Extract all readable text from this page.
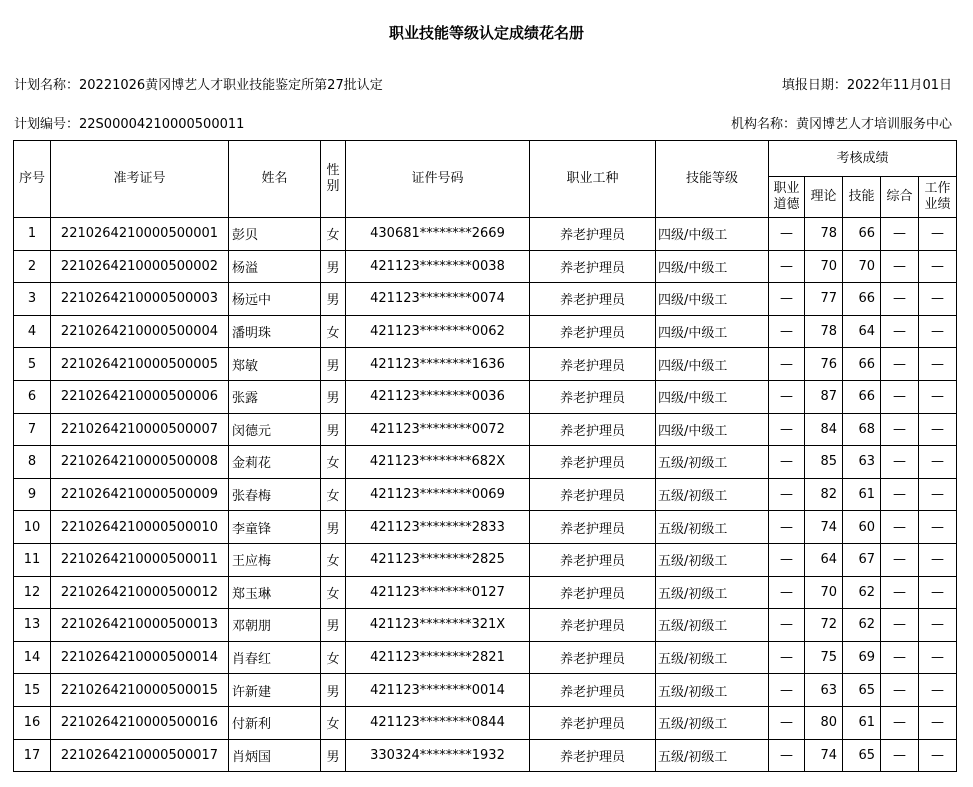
职业技能等级认定成绩花名册
计划名称：20221026黄冈博艺人才职业技能鉴定所第27批认定	填报日期：2022年11月01日
计划编号：22S00004210000500011	机构名称：黄冈博艺人才培训服务中心
序号	准考证号	姓名	性别	证件号码	职业工种	技能等级	考核成绩				
							职业道德	理论	技能	综合	工作业绩
1	2210264210000500001	彭贝	女	430681********2669	养老护理员	四级/中级工	—	78	66	—	—
2	2210264210000500002	杨溢	男	421123********0038	养老护理员	四级/中级工	—	70	70	—	—
3	2210264210000500003	杨远中	男	421123********0074	养老护理员	四级/中级工	—	77	66	—	—
4	2210264210000500004	潘明珠	女	421123********0062	养老护理员	四级/中级工	—	78	64	—	—
5	2210264210000500005	郑敏	男	421123********1636	养老护理员	四级/中级工	—	76	66	—	—
6	2210264210000500006	张露	男	421123********0036	养老护理员	四级/中级工	—	87	66	—	—
7	2210264210000500007	闵德元	男	421123********0072	养老护理员	四级/中级工	—	84	68	—	—
8	2210264210000500008	金莉花	女	421123********682X	养老护理员	五级/初级工	—	85	63	—	—
9	2210264210000500009	张春梅	女	421123********0069	养老护理员	五级/初级工	—	82	61	—	—
10	2210264210000500010	李童锋	男	421123********2833	养老护理员	五级/初级工	—	74	60	—	—
11	2210264210000500011	王应梅	女	421123********2825	养老护理员	五级/初级工	—	64	67	—	—
12	2210264210000500012	郑玉琳	女	421123********0127	养老护理员	五级/初级工	—	70	62	—	—
13	2210264210000500013	邓朝朋	男	421123********321X	养老护理员	五级/初级工	—	72	62	—	—
14	2210264210000500014	肖春红	女	421123********2821	养老护理员	五级/初级工	—	75	69	—	—
15	2210264210000500015	许新建	男	421123********0014	养老护理员	五级/初级工	—	63	65	—	—
16	2210264210000500016	付新利	女	421123********0844	养老护理员	五级/初级工	—	80	61	—	—
17	2210264210000500017	肖炳国	男	330324********1932	养老护理员	五级/初级工	—	74	65	—	—
